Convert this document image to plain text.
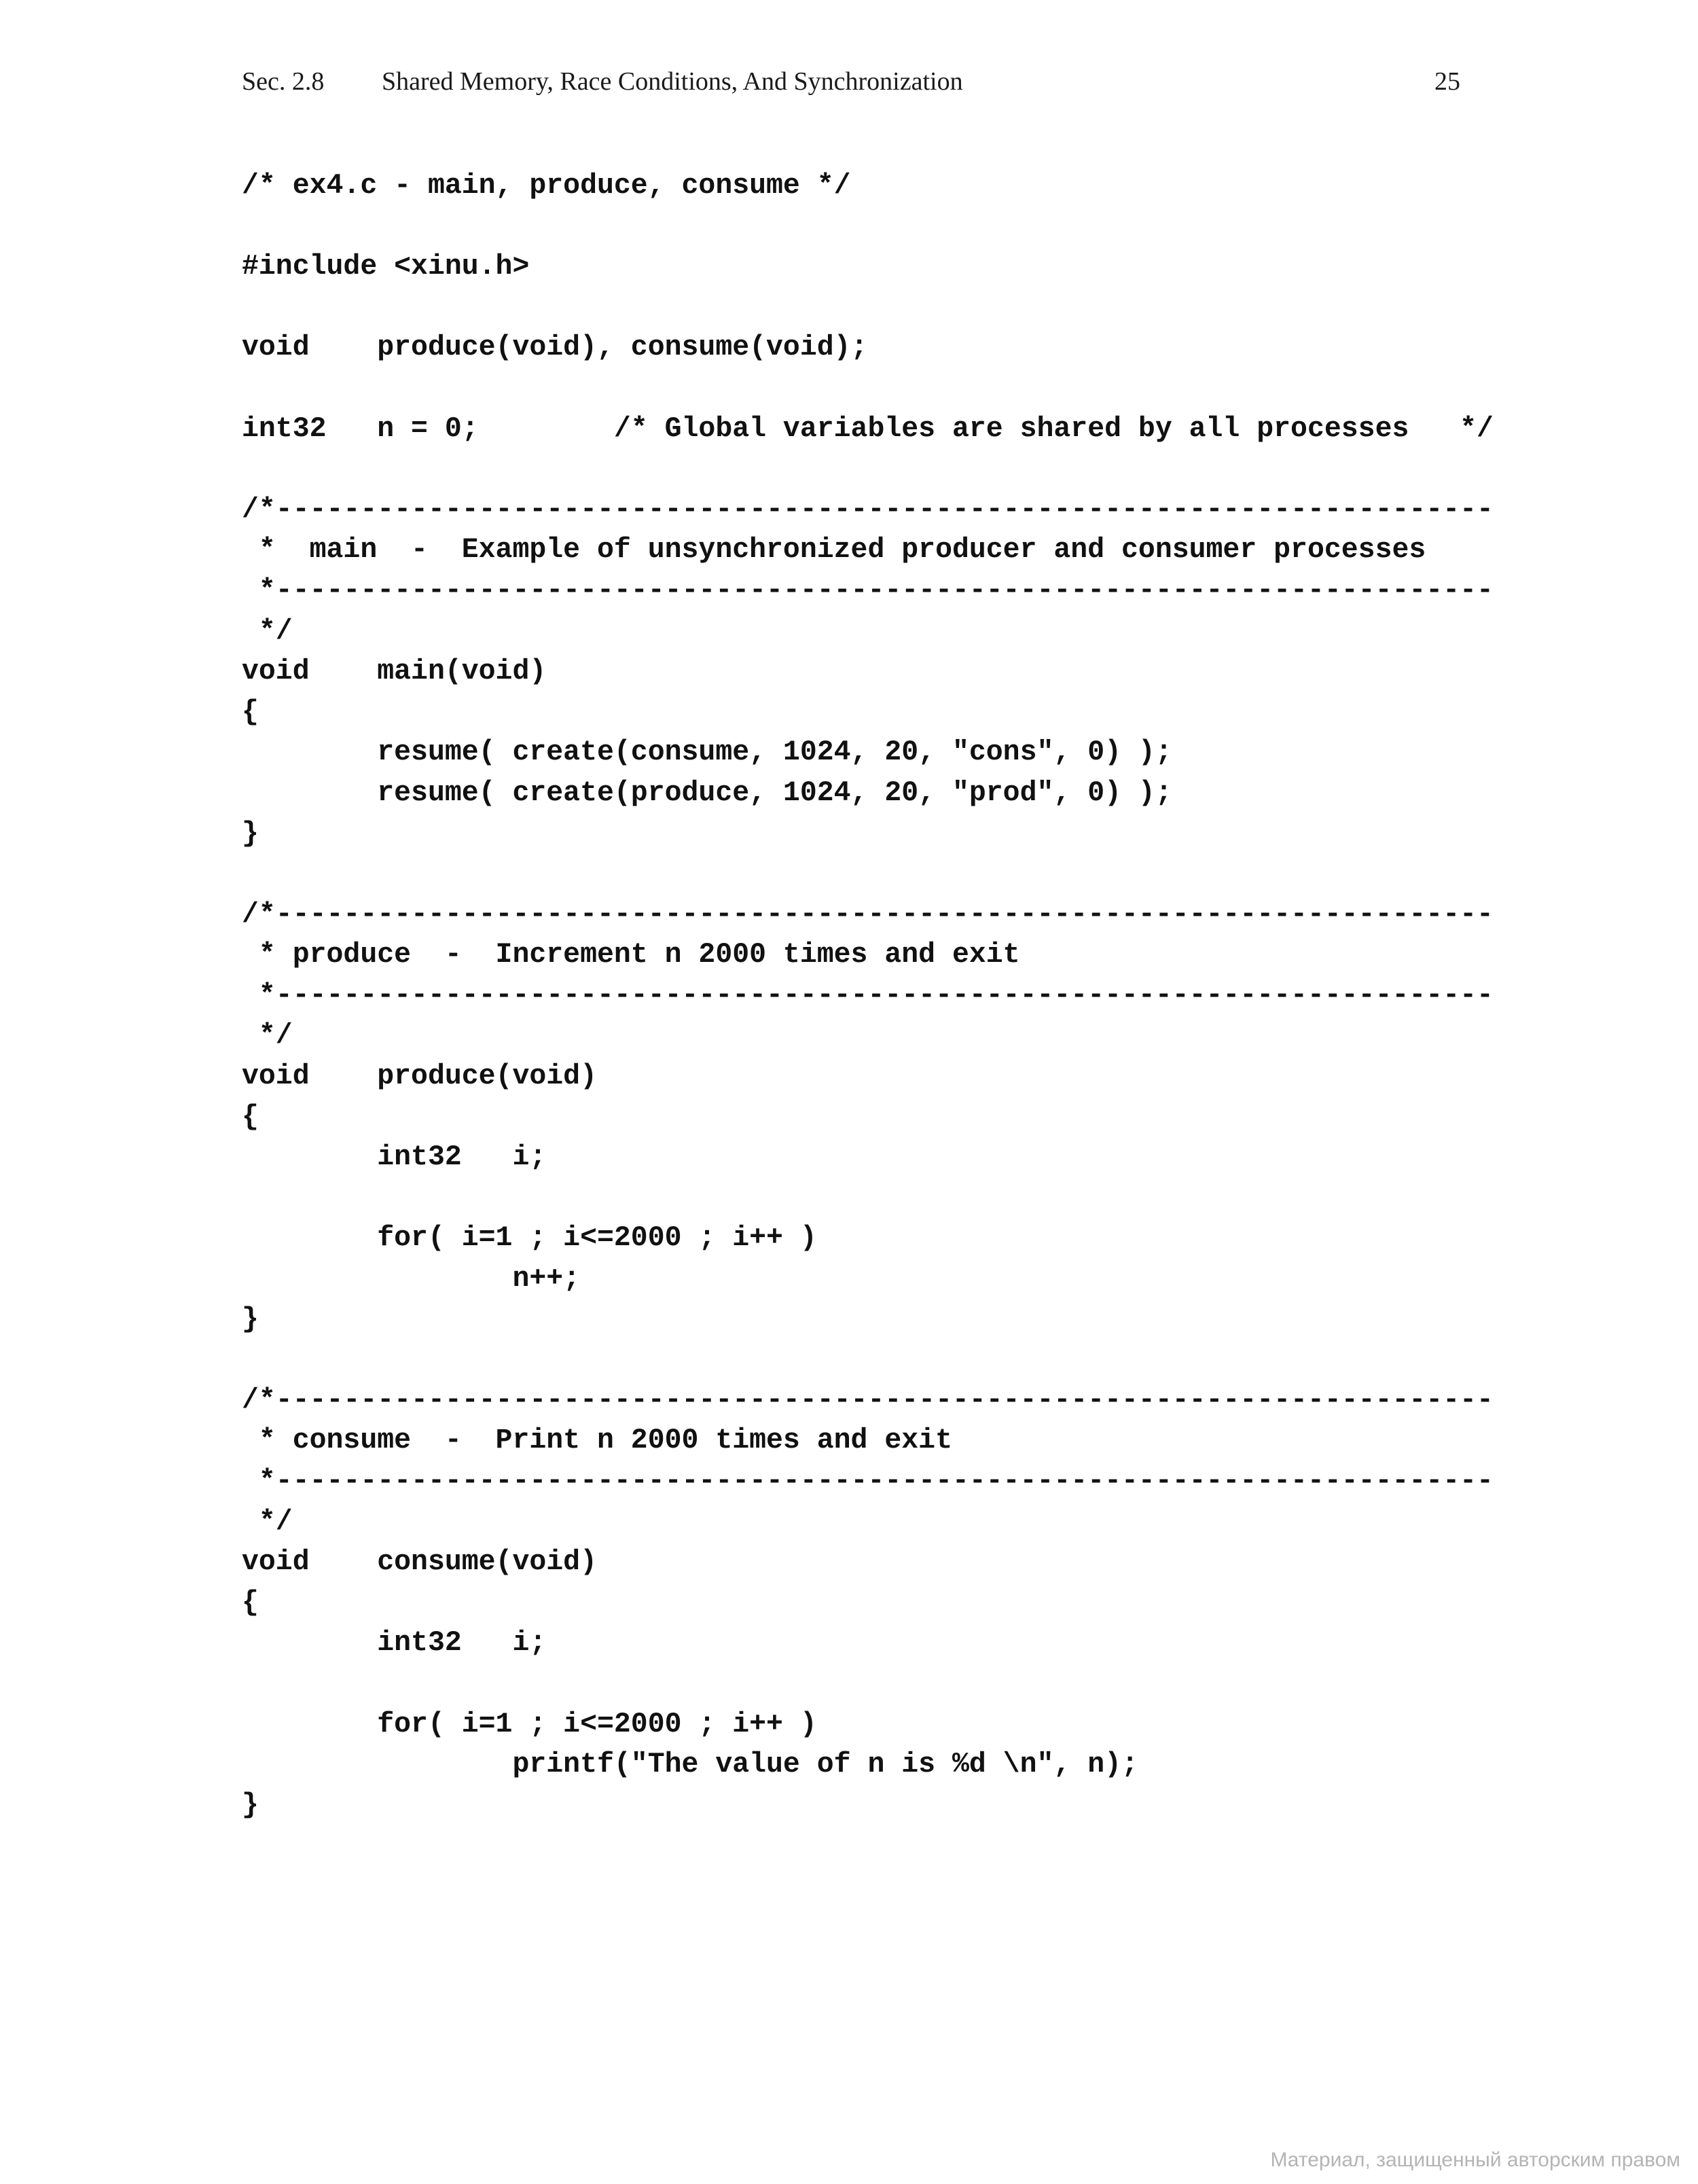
Sec. 2.8 Shared Memory, Race Conditions, And Synchronization	25
/* ex4.c - main, produce, consume */
#include <xinu.h>
void    produce(void), consume(void);
int32   n = 0;        /* Global variables are shared by all processes   */
/*------------------------------------------------------------------------
*  main  -  Example of unsynchronized producer and consumer processes
*------------------------------------------------------------------------
*/
void    main(void)
{
resume( create(consume, 1024, 20, "cons", 0) );
resume( create(produce, 1024, 20, "prod", 0) );
}
/*------------------------------------------------------------------------
* produce  -  Increment n 2000 times and exit
*------------------------------------------------------------------------
*/
void    produce(void)
{
int32   i;
for( i=1 ; i<=2000 ; i++ )
n++;
}
/*------------------------------------------------------------------------
* consume  -  Print n 2000 times and exit
*------------------------------------------------------------------------
*/
void    consume(void)
{
int32   i;
for( i=1 ; i<=2000 ; i++ )
printf("The value of n is %d \n", n);
}
Материал, защищенный авторским правом
